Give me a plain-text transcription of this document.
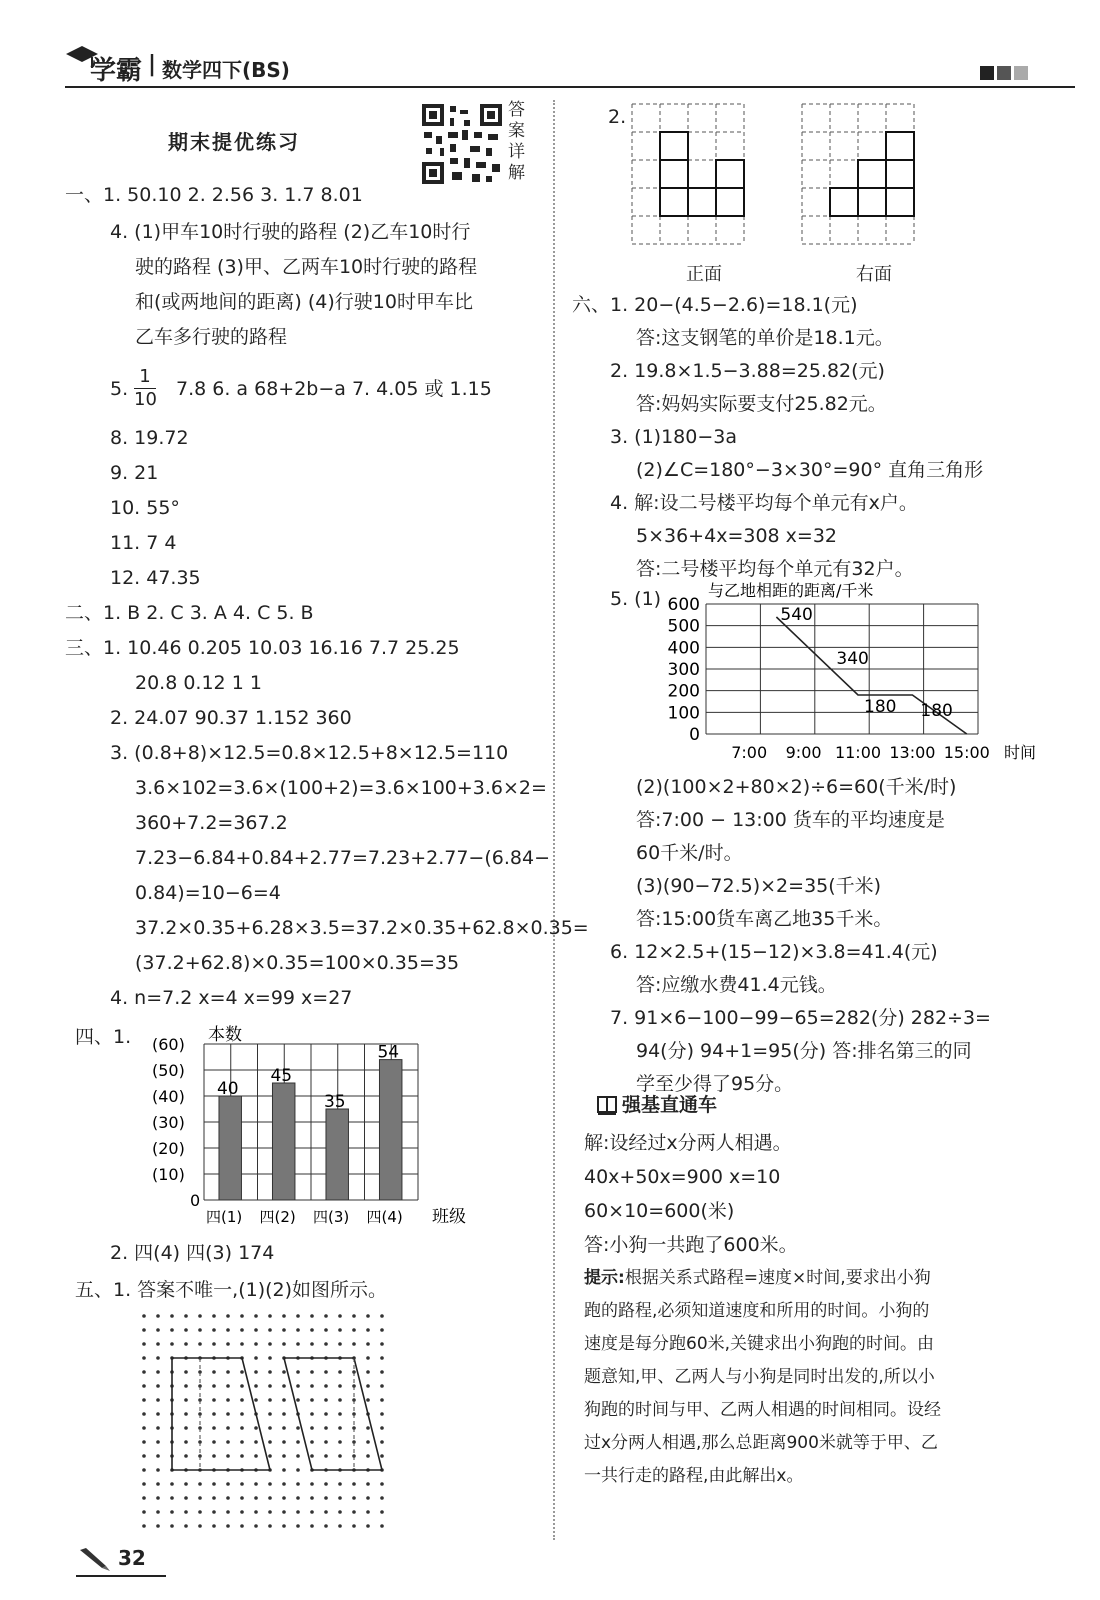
学霸 | 数学四下(BS)
期末提优练习
答案详解
一、1. 50.10 2. 2.56 3. 1.7 8.01
4. (1)甲车10时行驶的路程 (2)乙车10时行
驶的路程 (3)甲、乙两车10时行驶的路程
和(或两地间的距离) (4)行驶10时甲车比
乙车多行驶的路程
5. $\frac{1}{10} 7.8$ 6. a 68+2b−a 7. 4.05 或 1.15
8. 19.72
9. 21
10. 55°
11. 7 4
12. 47.35
二、1. B 2. C 3. A 4. C 5. B
三、1. 10.46 0.205 10.03 16.16 7.7 25.25
20.8 0.12 1 1
2. 24.07 90.37 1.152 360
3. (0.8+8)×12.5=0.8×12.5+8×12.5=110
3.6×102=3.6×(100+2)=3.6×100+3.6×2=
360+7.2=367.2
7.23−6.84+0.84+2.77=7.23+2.77−(6.84−
0.84)=10−6=4
37.2×0.35+6.28×3.5=37.2×0.35+62.8×0.35=
(37.2+62.8)×0.35=100×0.35=35
4. n=7.2 x=4 x=99 x=27
四、1.
2. 四(4) 四(3) 174
五、1. 答案不唯一,(1)(2)如图所示。
本数
(10)
(20)
(30)
(40)
(50)
(60)
0
40
四(1)
45
四(2)
35
四(3)
54
四(4) 班级
32
2.
正面	右面
六、1. 20−(4.5−2.6)=18.1(元)
答:这支钢笔的单价是18.1元。
2. 19.8×1.5−3.88=25.82(元)
答:妈妈实际要支付25.82元。
3. (1)180−3a
(2)∠C=180°−3×30°=90° 直角三角形
4. 解:设二号楼平均每个单元有x户。
5×36+4x=308 x=32
答:二号楼平均每个单元有32户。
5. (1)
(2)(100×2+80×2)÷6=60(千米/时)
答:7:00 − 13:00 货车的平均速度是
60千米/时。
(3)(90−72.5)×2=35(千米)
答:15:00货车离乙地35千米。
6. 12×2.5+(15−12)×3.8=41.4(元)
答:应缴水费41.4元钱。
7. 91×6−100−99−65=282(分) 282÷3=
94(分) 94+1=95(分) 答:排名第三的同
学至少得了95分。
与乙地相距的距离/千米
0
100
200
300
400
500
600
7:00 9:00 11:00 13:00 15:00 时间
540
340
180 180
强基直通车
解:设经过x分两人相遇。
40x+50x=900 x=10
60×10=600(米)
答:小狗一共跑了600米。
提示:根据关系式路程=速度×时间,要求出小狗
跑的路程,必须知道速度和所用的时间。小狗的
速度是每分跑60米,关键求出小狗跑的时间。由
题意知,甲、乙两人与小狗是同时出发的,所以小
狗跑的时间与甲、乙两人相遇的时间相同。设经
过x分两人相遇,那么总距离900米就等于甲、乙
一共行走的路程,由此解出x。
